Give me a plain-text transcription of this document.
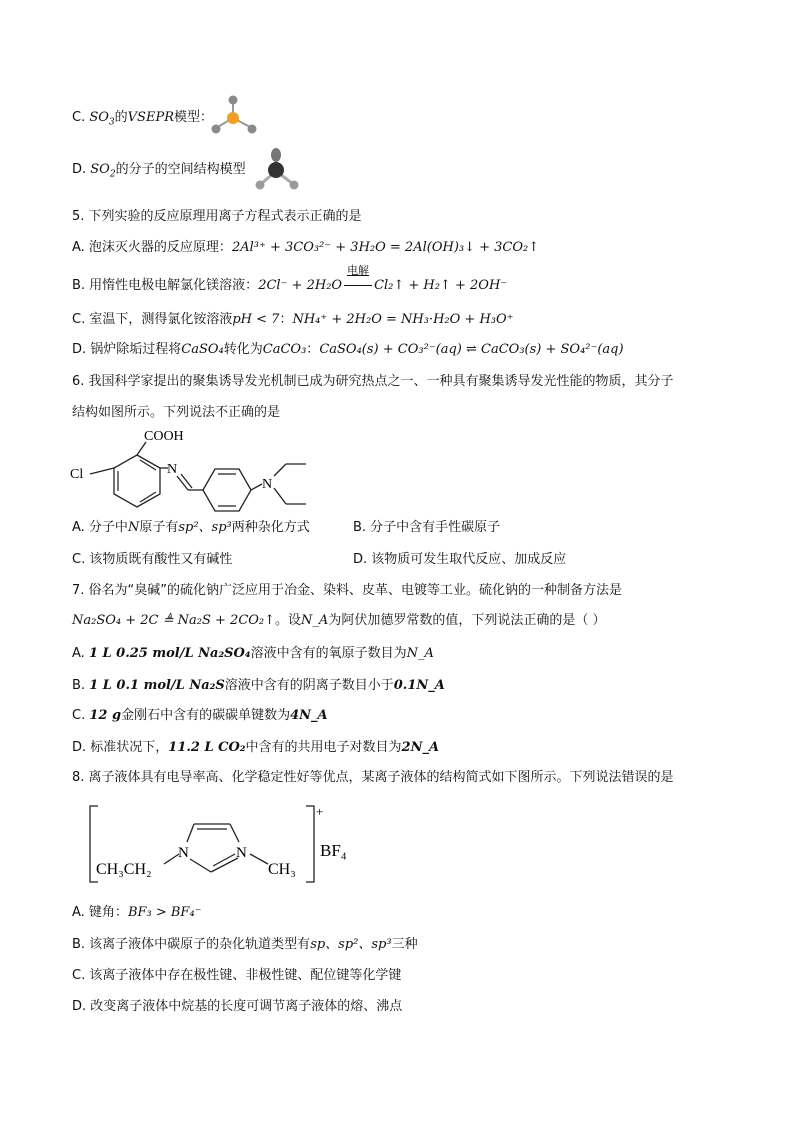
C. $SO_3$的VSEPR模型：
D. $SO_2$的分子的空间结构模型
5. 下列实验的反应原理用离子方程式表示正确的是
A. 泡沫灭火器的反应原理：2Al³⁺ + 3CO₃²⁻ + 3H₂O = 2Al(OH)₃↓ + 3CO₂↑
B. 用惰性电极电解氯化镁溶液：2Cl⁻ + 2H₂O
电解
Cl₂↑ + H₂↑ + 2OH⁻
C. 室温下，测得氯化铵溶液pH < 7：NH₄⁺ + 2H₂O = NH₃·H₂O + H₃O⁺
D. 锅炉除垢过程将CaSO₄转化为CaCO₃：CaSO₄(s) + CO₃²⁻(aq) ⇌ CaCO₃(s) + SO₄²⁻(aq)
6. 我国科学家提出的聚集诱导发光机制已成为研究热点之一、一种具有聚集诱导发光性能的物质，其分子
结构如图所示。下列说法不正确的是
COOH
Cl	N
N
A. 分子中N原子有sp²、sp³两种杂化方式	B. 分子中含有手性碳原子
C. 该物质既有酸性又有碱性	D. 该物质可发生取代反应、加成反应
7. 俗名为“臭碱”的硫化钠广泛应用于冶金、染料、皮革、电镀等工业。硫化钠的一种制备方法是
Na₂SO₄ + 2C ≜ Na₂S + 2CO₂↑。设N_A为阿伏加德罗常数的值，下列说法正确的是（ ）
A. 1 L 0.25 mol/L Na₂SO₄溶液中含有的氧原子数目为N_A
B. 1 L 0.1 mol/L Na₂S溶液中含有的阴离子数目小于0.1N_A
C. 12 g金刚石中含有的碳碳单键数为4N_A
D. 标准状况下，11.2 L CO₂中含有的共用电子对数目为2N_A
8. 离子液体具有电导率高、化学稳定性好等优点，某离子液体的结构简式如下图所示。下列说法错误的是
+
BF₄
N	N
CH₃CH₂	CH₃
A. 键角：BF₃ > BF₄⁻
B. 该离子液体中碳原子的杂化轨道类型有sp、sp²、sp³三种
C. 该离子液体中存在极性键、非极性键、配位键等化学键
D. 改变离子液体中烷基的长度可调节离子液体的熔、沸点
